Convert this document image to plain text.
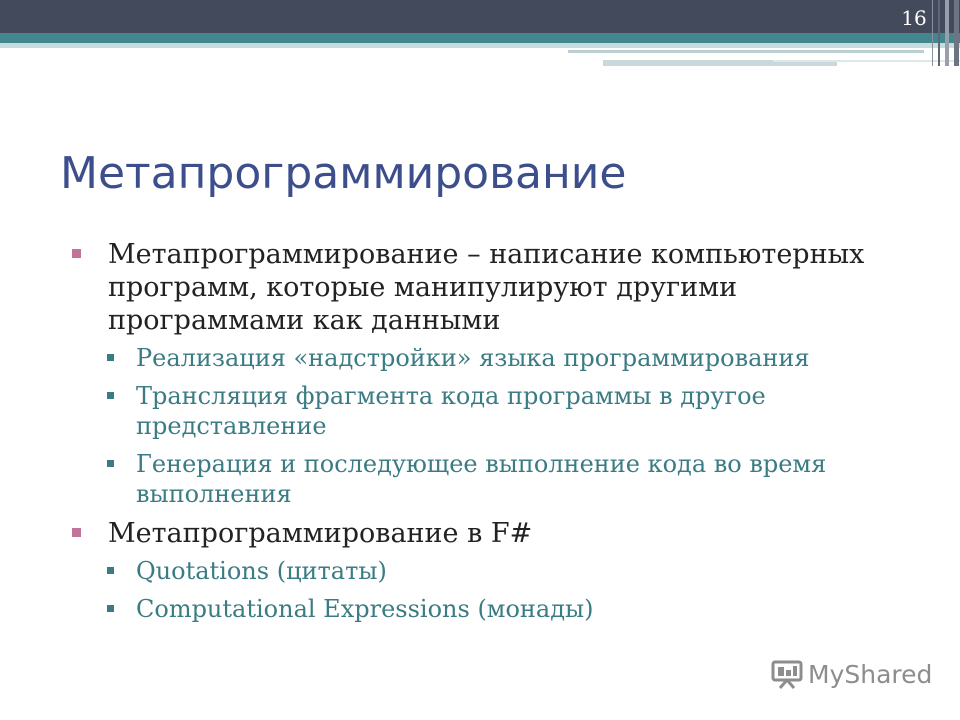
16
Метапрограммирование
Метапрограммирование – написание компьютерных программ, которые манипулируют другими программами как данными
Реализация «надстройки» языка программирования
Трансляция фрагмента кода программы в другое представление
Генерация и последующее выполнение кода во время выполнения
Метапрограммирование в F#
Quotations (цитаты)
Computational Expressions (монады)
MyShared
